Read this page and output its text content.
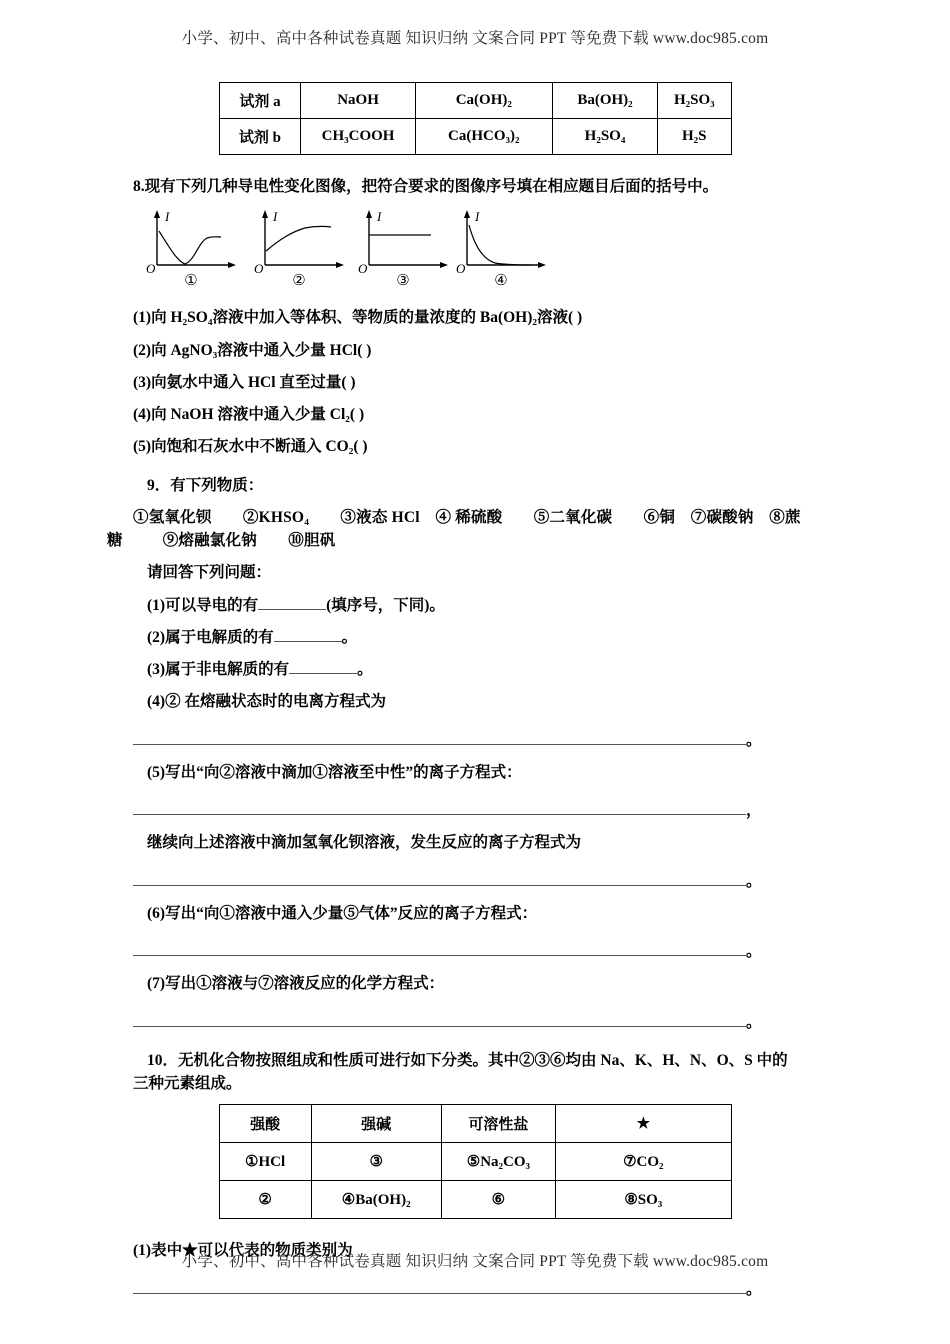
小学、初中、高中各种试卷真题 知识归纳 文案合同 PPT 等免费下载 www.doc985.com
试剂 a	NaOH	Ca(OH)₂	Ba(OH)₂	H₂SO₃
试剂 b	CH₃COOH	Ca(HCO₃)₂	H₂SO₄	H₂S

8.现有下列几种导电性变化图像，把符合要求的图像序号填在相应题目后面的括号中。

I
O
①
I
O
②
I
O
③
I
O
④

(1)向 H₂SO₄溶液中加入等体积、等物质的量浓度的 Ba(OH)₂溶液( )

(2)向 AgNO₃溶液中通入少量 HCl( )

(3)向氨水中通入 HCl 直至过量( )

(4)向 NaOH 溶液中通入少量 Cl₂( )

(5)向饱和石灰水中不断通入 CO₂( )

9．有下列物质：

①氢氧化钡　　②KHSO₄　　③液态 HCl　④ 稀硫酸　　⑤二氧化碳　　⑥铜　⑦碳酸钠　⑧蔗

糖	⑨熔融氯化钠　　⑩胆矾

请回答下列问题：

(1)可以导电的有	(填序号，下同)。

(2)属于电解质的有	。

(3)属于非电解质的有	。

(4)② 在熔融状态时的电离方程式为

。

(5)写出“向②溶液中滴加①溶液至中性”的离子方程式：

，

继续向上述溶液中滴加氢氧化钡溶液，发生反应的离子方程式为

。

(6)写出“向①溶液中通入少量⑤气体”反应的离子方程式：

。

(7)写出①溶液与⑦溶液反应的化学方程式：

。

10．无机化合物按照组成和性质可进行如下分类。其中②③⑥均由 Na、K、H、N、O、S 中的

三种元素组成。

强酸	强碱	可溶性盐	★
①HCl	③	⑤Na₂CO₃	⑦CO₂
②	④Ba(OH)₂	⑥	⑧SO₃

(1)表中★可以代表的物质类别为

。

小学、初中、高中各种试卷真题 知识归纳 文案合同 PPT 等免费下载 www.doc985.com
